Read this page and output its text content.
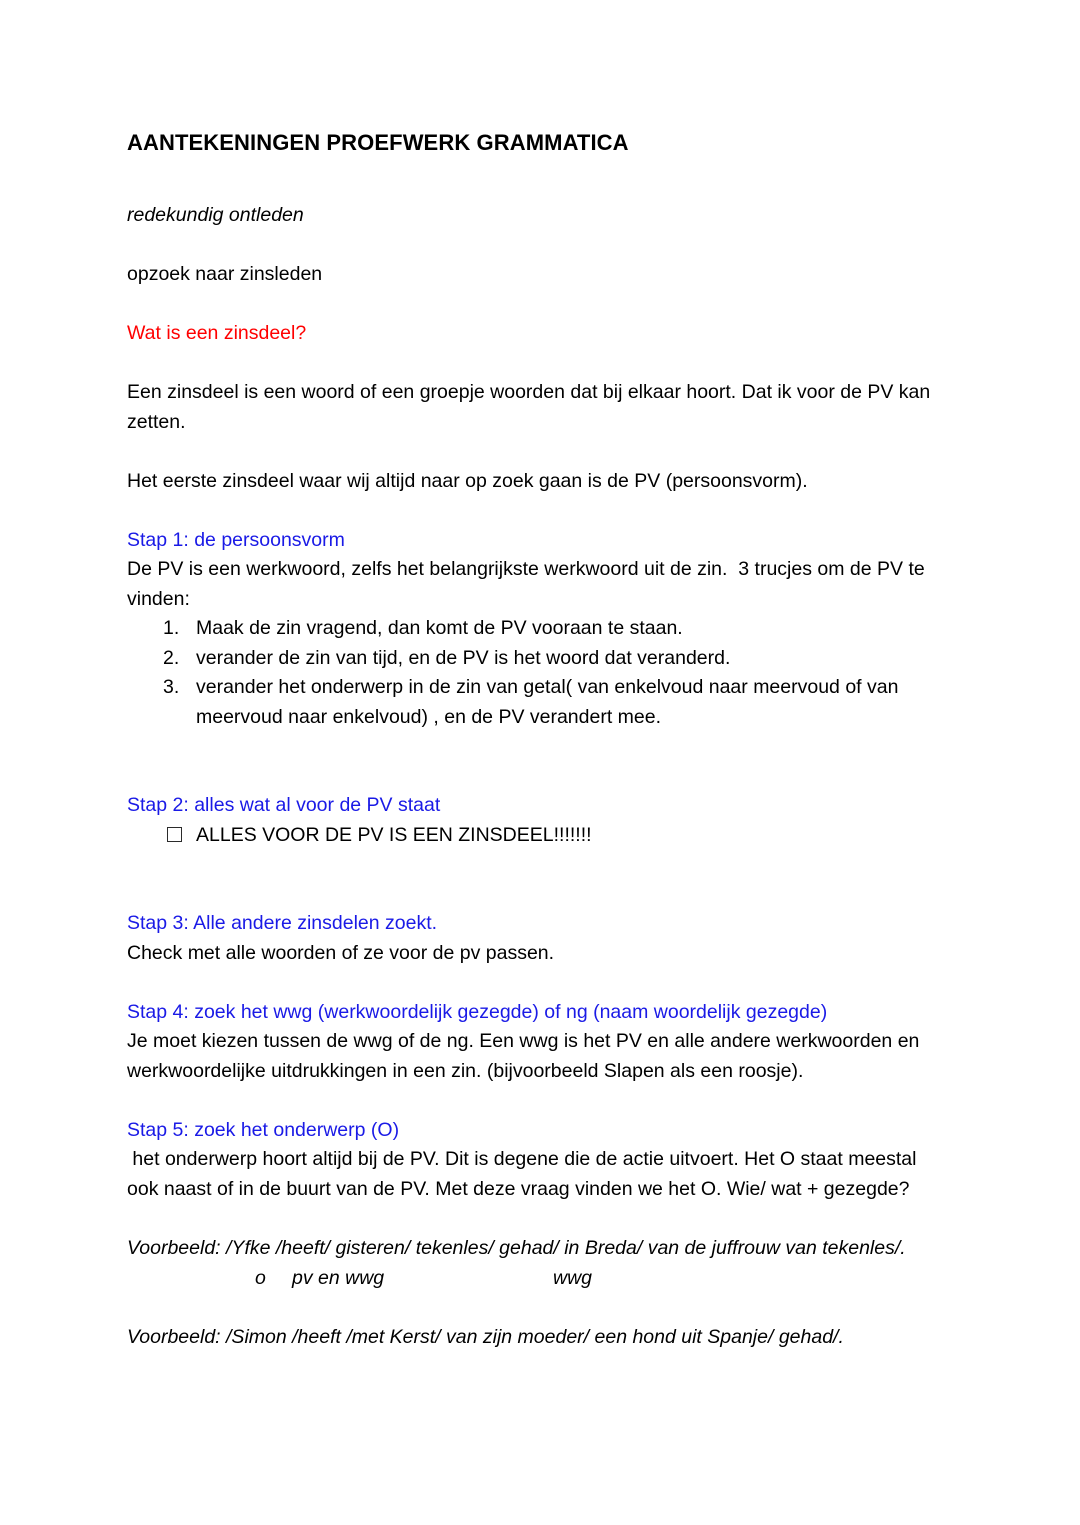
AANTEKENINGEN PROEFWERK GRAMMATICA

redekundig ontleden

opzoek naar zinsleden

Wat is een zinsdeel?

Een zinsdeel is een woord of een groepje woorden dat bij elkaar hoort. Dat ik voor de PV kan zetten.

Het eerste zinsdeel waar wij altijd naar op zoek gaan is de PV (persoonsvorm).

Stap 1: de persoonsvorm

De PV is een werkwoord, zelfs het belangrijkste werkwoord uit de zin.  3 trucjes om de PV te vinden:

1. Maak de zin vragend, dan komt de PV vooraan te staan.
2. verander de zin van tijd, en de PV is het woord dat veranderd.
3. verander het onderwerp in de zin van getal( van enkelvoud naar meervoud of van meervoud naar enkelvoud) , en de PV verandert mee.

Stap 2: alles wat al voor de PV staat

ALLES VOOR DE PV IS EEN ZINSDEEL!!!!!!!

Stap 3: Alle andere zinsdelen zoekt.

Check met alle woorden of ze voor de pv passen.

Stap 4: zoek het wwg (werkwoordelijk gezegde) of ng (naam woordelijk gezegde)

Je moet kiezen tussen de wwg of de ng. Een wwg is het PV en alle andere werkwoorden en werkwoordelijke uitdrukkingen in een zin. (bijvoorbeeld Slapen als een roosje).

Stap 5: zoek het onderwerp (O)

het onderwerp hoort altijd bij de PV. Dit is degene die de actie uitvoert. Het O staat meestal ook naast of in de buurt van de PV. Met deze vraag vinden we het O. Wie/ wat + gezegde?

Voorbeeld: /Yfke /heeft/ gisteren/ tekenles/ gehad/ in Breda/ van de juffrouw van tekenles/.

o pv en wwg	wwg

Voorbeeld: /Simon /heeft /met Kerst/ van zijn moeder/ een hond uit Spanje/ gehad/.
